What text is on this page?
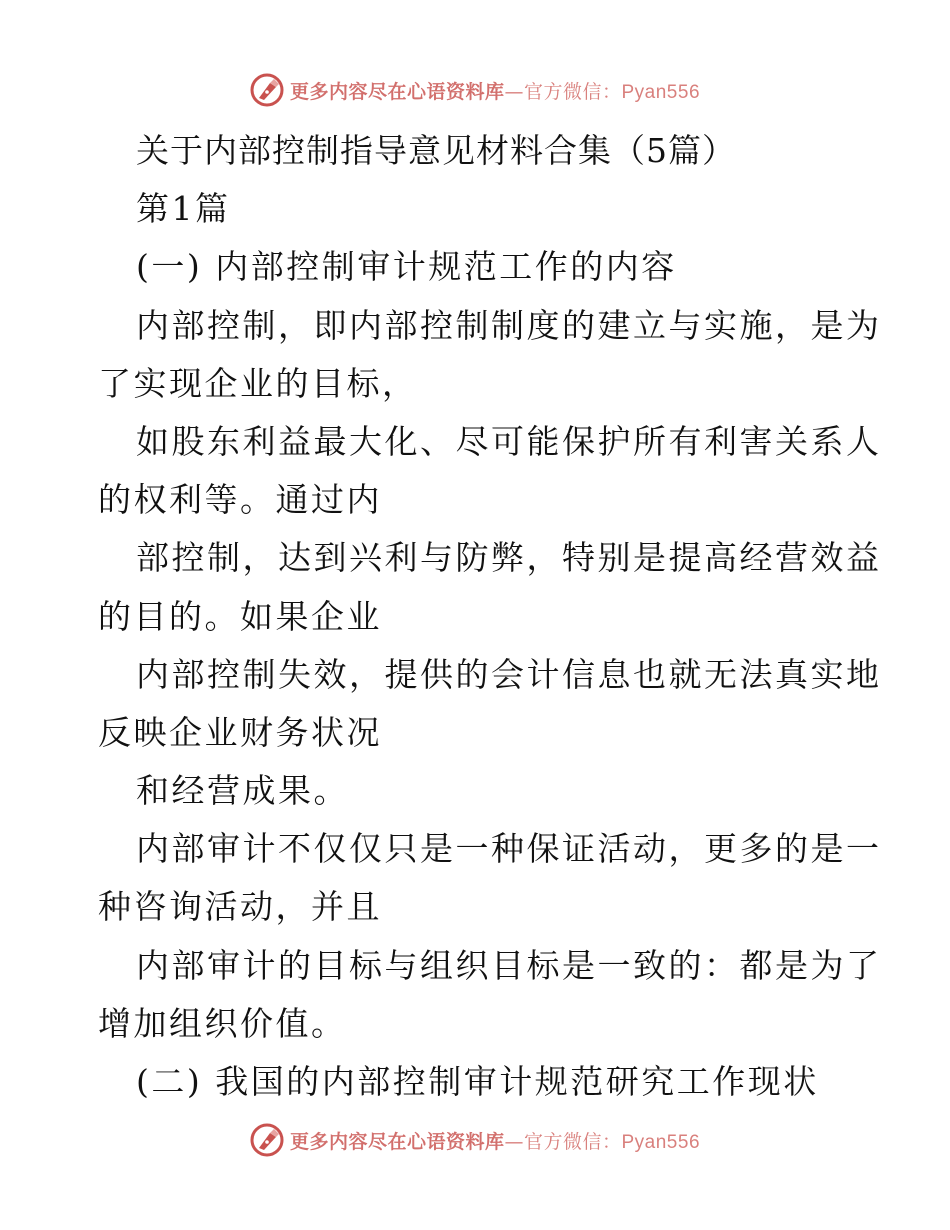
更多内容尽在心语资料库—官方微信：Pyan556
关于内部控制指导意见材料合集（5篇）
第1篇
(一) 内部控制审计规范工作的内容
内部控制，即内部控制制度的建立与实施，是为
了实现企业的目标，
如股东利益最大化、尽可能保护所有利害关系人
的权利等。通过内
部控制，达到兴利与防弊，特别是提高经营效益
的目的。如果企业
内部控制失效，提供的会计信息也就无法真实地
反映企业财务状况
和经营成果。
内部审计不仅仅只是一种保证活动，更多的是一
种咨询活动，并且
内部审计的目标与组织目标是一致的：都是为了
增加组织价值。
(二) 我国的内部控制审计规范研究工作现状
更多内容尽在心语资料库—官方微信：Pyan556
